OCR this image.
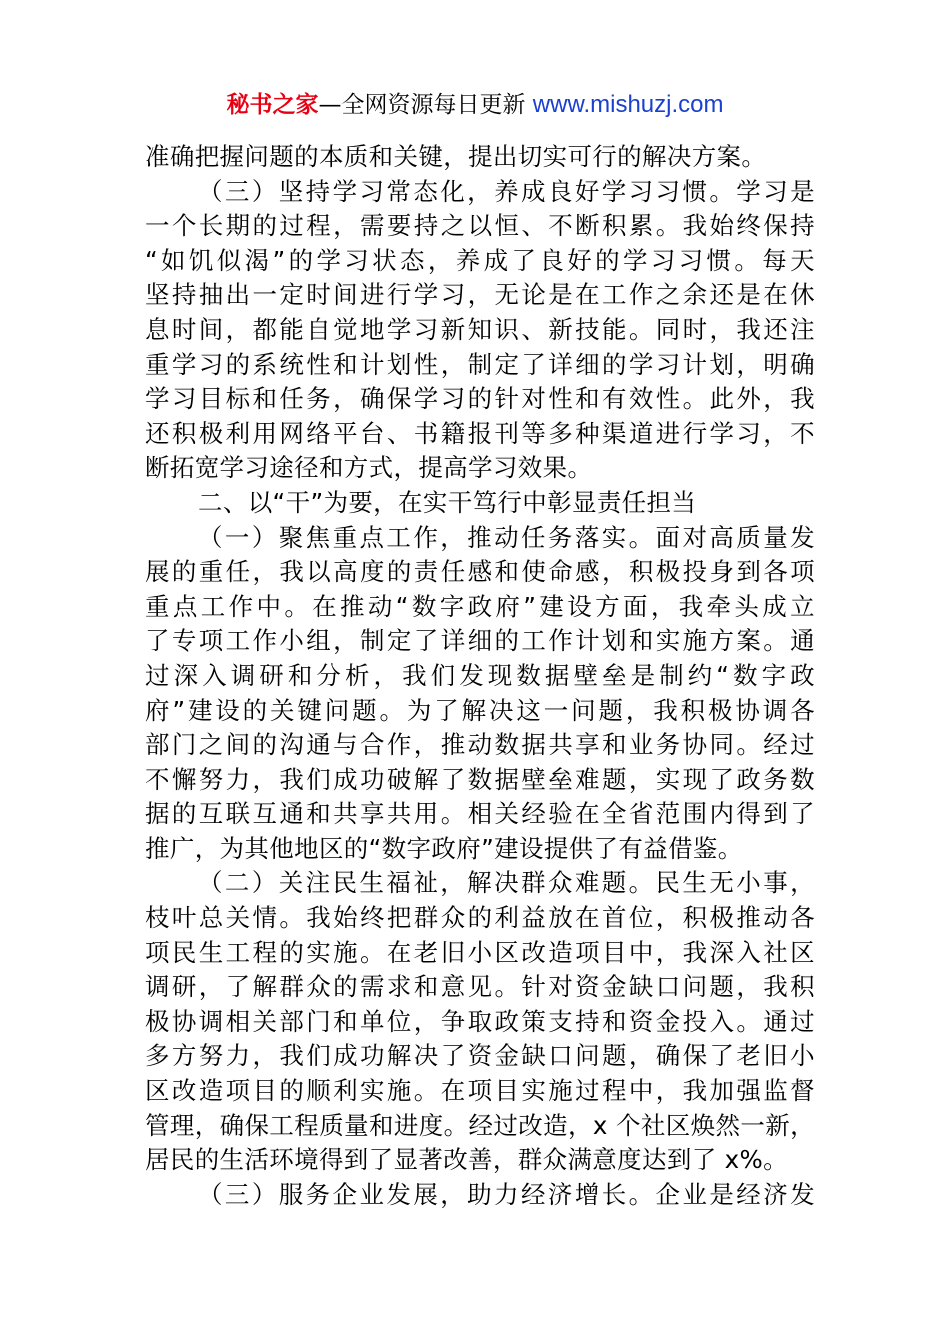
秘书之家—全网资源每日更新 www.mishuzj.com
准确把握问题的本质和关键，提出切实可行的解决方案。
（三）坚持学习常态化，养成良好学习习惯。学习是
一个长期的过程，需要持之以恒、不断积累。我始终保持
“如饥似渴”的学习状态，养成了良好的学习习惯。每天
坚持抽出一定时间进行学习，无论是在工作之余还是在休
息时间，都能自觉地学习新知识、新技能。同时，我还注
重学习的系统性和计划性，制定了详细的学习计划，明确
学习目标和任务，确保学习的针对性和有效性。此外，我
还积极利用网络平台、书籍报刊等多种渠道进行学习，不
断拓宽学习途径和方式，提高学习效果。
二、以“干”为要，在实干笃行中彰显责任担当
（一）聚焦重点工作，推动任务落实。面对高质量发
展的重任，我以高度的责任感和使命感，积极投身到各项
重点工作中。在推动“数字政府”建设方面，我牵头成立
了专项工作小组，制定了详细的工作计划和实施方案。通
过深入调研和分析，我们发现数据壁垒是制约“数字政
府”建设的关键问题。为了解决这一问题，我积极协调各
部门之间的沟通与合作，推动数据共享和业务协同。经过
不懈努力，我们成功破解了数据壁垒难题，实现了政务数
据的互联互通和共享共用。相关经验在全省范围内得到了
推广，为其他地区的“数字政府”建设提供了有益借鉴。
（二）关注民生福祉，解决群众难题。民生无小事，
枝叶总关情。我始终把群众的利益放在首位，积极推动各
项民生工程的实施。在老旧小区改造项目中，我深入社区
调研，了解群众的需求和意见。针对资金缺口问题，我积
极协调相关部门和单位，争取政策支持和资金投入。通过
多方努力，我们成功解决了资金缺口问题，确保了老旧小
区改造项目的顺利实施。在项目实施过程中，我加强监督
管理，确保工程质量和进度。经过改造，x 个社区焕然一新，
居民的生活环境得到了显著改善，群众满意度达到了 x%。
（三）服务企业发展，助力经济增长。企业是经济发
